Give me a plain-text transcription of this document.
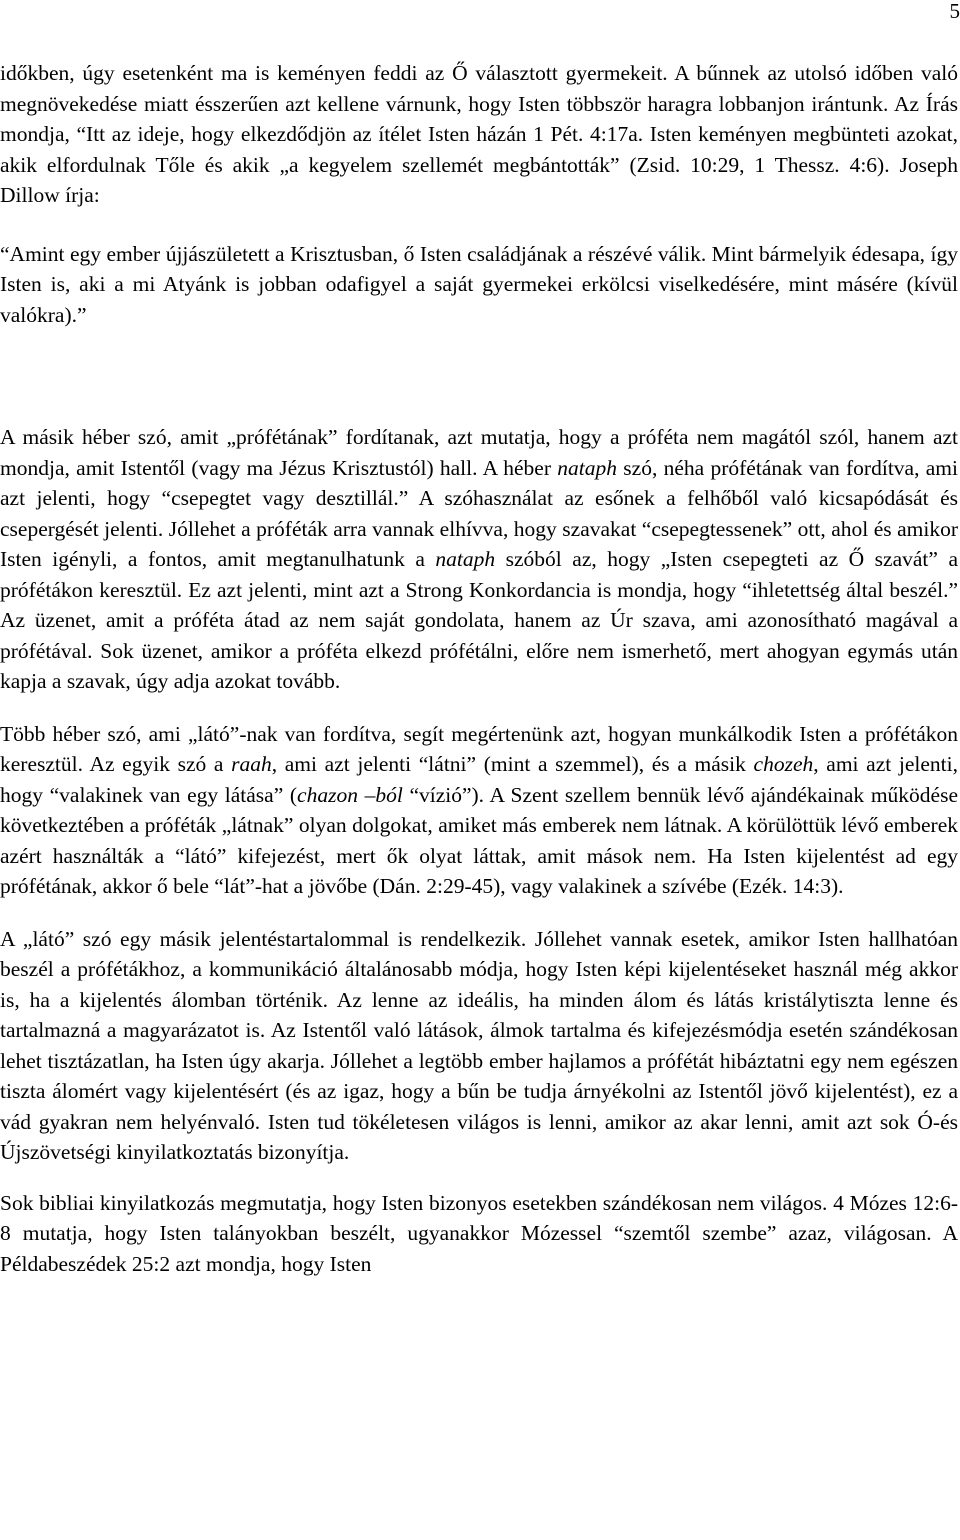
5

időkben, úgy esetenként ma is keményen feddi az Ő választott gyermekeit. A bűnnek az utolsó időben való megnövekedése miatt ésszerűen azt kellene várnunk, hogy Isten többször haragra lobbanjon irántunk. Az Írás mondja, “Itt az ideje, hogy elkezdődjön az ítélet Isten házán 1 Pét. 4:17a. Isten keményen megbünteti azokat, akik elfordulnak Tőle és akik „a kegyelem szellemét megbántották” (Zsid. 10:29, 1 Thessz. 4:6). Joseph Dillow írja:

“Amint egy ember újjászületett a Krisztusban, ő Isten családjának a részévé válik. Mint bármelyik édesapa, így Isten is, aki a mi Atyánk is jobban odafigyel a saját gyermekei erkölcsi viselkedésére, mint másére (kívül valókra).”

A másik héber szó, amit „prófétának” fordítanak, azt mutatja, hogy a próféta nem magától szól, hanem azt mondja, amit Istentől (vagy ma Jézus Krisztustól) hall. A héber nataph szó, néha prófétának van fordítva, ami azt jelenti, hogy “csepegtet vagy desztillál.” A szóhasználat az esőnek a felhőből való kicsapódását és csepergését jelenti. Jóllehet a próféták arra vannak elhívva, hogy szavakat “csepegtessenek” ott, ahol és amikor Isten igényli, a fontos, amit megtanulhatunk a nataph szóból az, hogy „Isten csepegteti az Ő szavát” a prófétákon keresztül. Ez azt jelenti, mint azt a Strong Konkordancia is mondja, hogy “ihletettség által beszél.” Az üzenet, amit a próféta átad az nem saját gondolata, hanem az Úr szava, ami azonosítható magával a prófétával. Sok üzenet, amikor a próféta elkezd prófétálni, előre nem ismerhető, mert ahogyan egymás után kapja a szavak, úgy adja azokat tovább.

Több héber szó, ami „látó”-nak van fordítva, segít megértenünk azt, hogyan munkálkodik Isten a prófétákon keresztül. Az egyik szó a raah, ami azt jelenti “látni” (mint a szemmel), és a másik chozeh, ami azt jelenti, hogy “valakinek van egy látása” (chazon –ból “vízió”). A Szent szellem bennük lévő ajándékainak működése következtében a próféták „látnak” olyan dolgokat, amiket más emberek nem látnak. A körülöttük lévő emberek azért használták a “látó” kifejezést, mert ők olyat láttak, amit mások nem. Ha Isten kijelentést ad egy prófétának, akkor ő bele “lát”-hat a jövőbe (Dán. 2:29-45), vagy valakinek a szívébe (Ezék. 14:3).

A „látó” szó egy másik jelentéstartalommal is rendelkezik. Jóllehet vannak esetek, amikor Isten hallhatóan beszél a prófétákhoz, a kommunikáció általánosabb módja, hogy Isten képi kijelentéseket használ még akkor is, ha a kijelentés álomban történik. Az lenne az ideális, ha minden álom és látás kristálytiszta lenne és tartalmazná a magyarázatot is. Az Istentől való látások, álmok tartalma és kifejezésmódja esetén szándékosan lehet tisztázatlan, ha Isten úgy akarja. Jóllehet a legtöbb ember hajlamos a prófétát hibáztatni egy nem egészen tiszta álomért vagy kijelentésért (és az igaz, hogy a bűn be tudja árnyékolni az Istentől jövő kijelentést), ez a vád gyakran nem helyénvaló. Isten tud tökéletesen világos is lenni, amikor az akar lenni, amit azt sok Ó-és Újszövetségi kinyilatkoztatás bizonyítja.

Sok bibliai kinyilatkozás megmutatja, hogy Isten bizonyos esetekben szándékosan nem világos. 4 Mózes 12:6-8 mutatja, hogy Isten talányokban beszélt, ugyanakkor Mózessel “szemtől szembe” azaz, világosan. A Példabeszédek 25:2 azt mondja, hogy Isten
